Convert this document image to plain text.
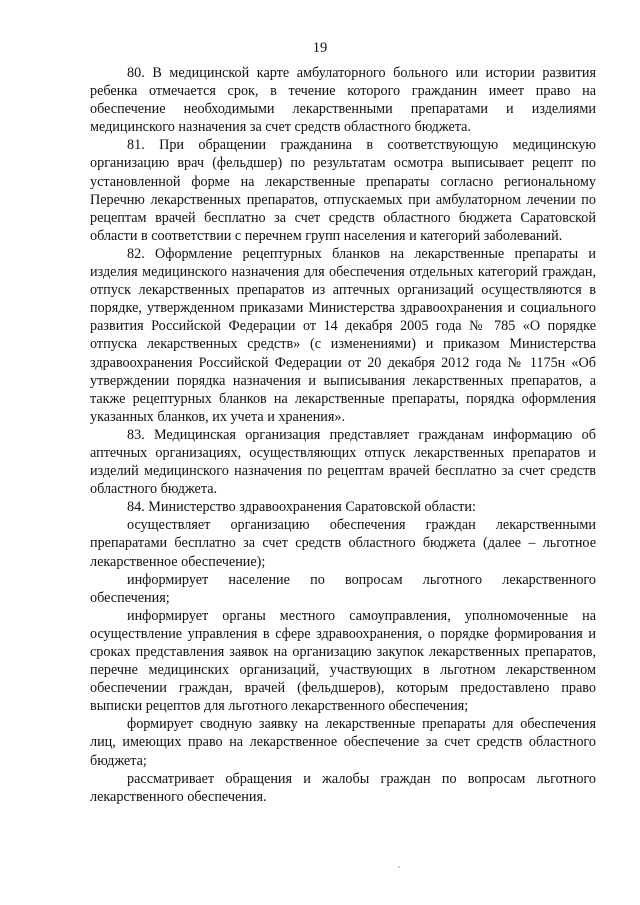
19

80. В медицинской карте амбулаторного больного или истории развития ребенка отмечается срок, в течение которого гражданин имеет право на обеспечение необходимыми лекарственными препаратами и изделиями медицинского назначения за счет средств областного бюджета.

81. При обращении гражданина в соответствующую медицинскую организацию врач (фельдшер) по результатам осмотра выписывает рецепт по установленной форме на лекарственные препараты согласно региональному Перечню лекарственных препаратов, отпускаемых при амбулаторном лечении по рецептам врачей бесплатно за счет средств областного бюджета Саратовской области в соответствии с перечнем групп населения и категорий заболеваний.

82. Оформление рецептурных бланков на лекарственные препараты и изделия медицинского назначения для обеспечения отдельных категорий граждан, отпуск лекарственных препаратов из аптечных организаций осуществляются в порядке, утвержденном приказами Министерства здравоохранения и социального развития Российской Федерации от 14 декабря 2005 года № 785 «О порядке отпуска лекарственных средств» (с изменениями) и приказом Министерства здравоохранения Российской Федерации от 20 декабря 2012 года № 1175н «Об утверждении порядка назначения и выписывания лекарственных препаратов, а также рецептурных бланков на лекарственные препараты, порядка оформления указанных бланков, их учета и хранения».

83. Медицинская организация представляет гражданам информацию об аптечных организациях, осуществляющих отпуск лекарственных препаратов и изделий медицинского назначения по рецептам врачей бесплатно за счет средств областного бюджета.

84. Министерство здравоохранения Саратовской области:

осуществляет организацию обеспечения граждан лекарственными препаратами бесплатно за счет средств областного бюджета (далее – льготное лекарственное обеспечение);

информирует население по вопросам льготного лекарственного обеспечения;

информирует органы местного самоуправления, уполномоченные на осуществление управления в сфере здравоохранения, о порядке формирования и сроках представления заявок на организацию закупок лекарственных препаратов, перечне медицинских организаций, участвующих в льготном лекарственном обеспечении граждан, врачей (фельдшеров), которым предоставлено право выписки рецептов для льготного лекарственного обеспечения;

формирует сводную заявку на лекарственные препараты для обеспечения лиц, имеющих право на лекарственное обеспечение за счет средств областного бюджета;

рассматривает обращения и жалобы граждан по вопросам льготного лекарственного обеспечения.
